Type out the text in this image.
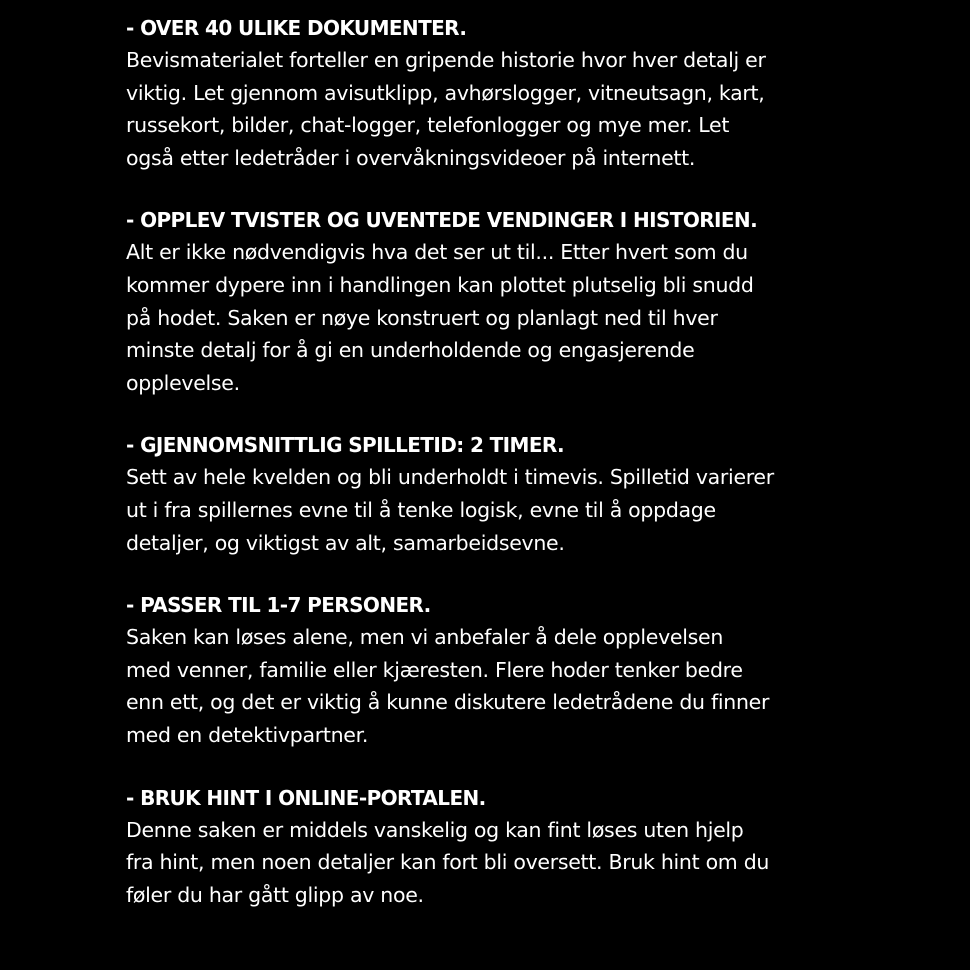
- OVER 40 ULIKE DOKUMENTER.

Bevismaterialet forteller en gripende historie hvor hver detalj er
viktig. Let gjennom avisutklipp, avhørslogger, vitneutsagn, kart,
russekort, bilder, chat-logger, telefonlogger og mye mer. Let
også etter ledetråder i overvåkningsvideoer på internett.

- OPPLEV TVISTER OG UVENTEDE VENDINGER I HISTORIEN.

Alt er ikke nødvendigvis hva det ser ut til... Etter hvert som du
kommer dypere inn i handlingen kan plottet plutselig bli snudd
på hodet. Saken er nøye konstruert og planlagt ned til hver
minste detalj for å gi en underholdende og engasjerende
opplevelse.

- GJENNOMSNITTLIG SPILLETID: 2 TIMER.

Sett av hele kvelden og bli underholdt i timevis. Spilletid varierer
ut i fra spillernes evne til å tenke logisk, evne til å oppdage
detaljer, og viktigst av alt, samarbeidsevne.

- PASSER TIL 1-7 PERSONER.

Saken kan løses alene, men vi anbefaler å dele opplevelsen
med venner, familie eller kjæresten. Flere hoder tenker bedre
enn ett, og det er viktig å kunne diskutere ledetrådene du finner
med en detektivpartner.

- BRUK HINT I ONLINE-PORTALEN.

Denne saken er middels vanskelig og kan fint løses uten hjelp
fra hint, men noen detaljer kan fort bli oversett. Bruk hint om du
føler du har gått glipp av noe.
